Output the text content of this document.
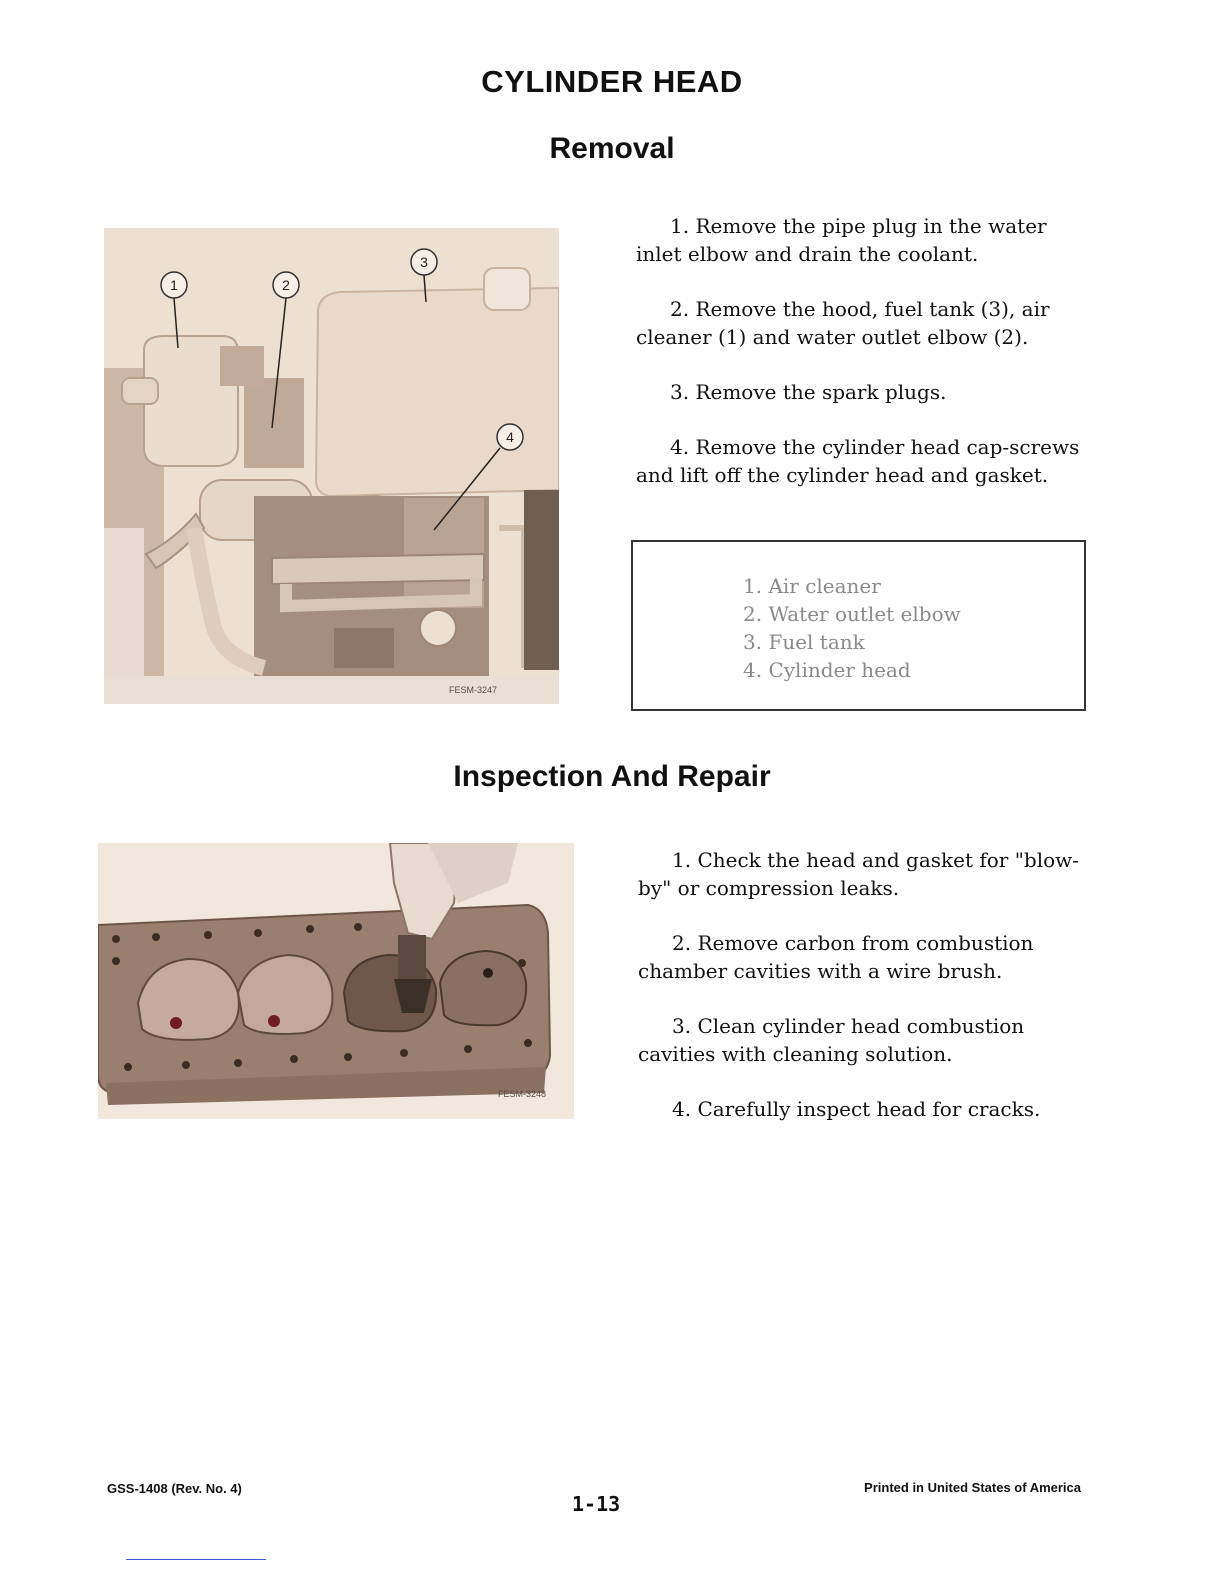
CYLINDER HEAD
Removal
1	2
3
4
FESM-3247
1. Remove the pipe plug in the water inlet elbow and drain the coolant.
2. Remove the hood, fuel tank (3), air cleaner (1) and water outlet elbow (2).
3. Remove the spark plugs.
4. Remove the cylinder head cap-screws and lift off the cylinder head and gasket.
1. Air cleaner
2. Water outlet elbow
3. Fuel tank
4. Cylinder head
Inspection And Repair
FESM-3248
1. Check the head and gasket for "blow-by" or compression leaks.
2. Remove carbon from combustion chamber cavities with a wire brush.
3. Clean cylinder head combustion cavities with cleaning solution.
4. Carefully inspect head for cracks.
GSS-1408 (Rev. No. 4)
1-13
Printed in United States of America
